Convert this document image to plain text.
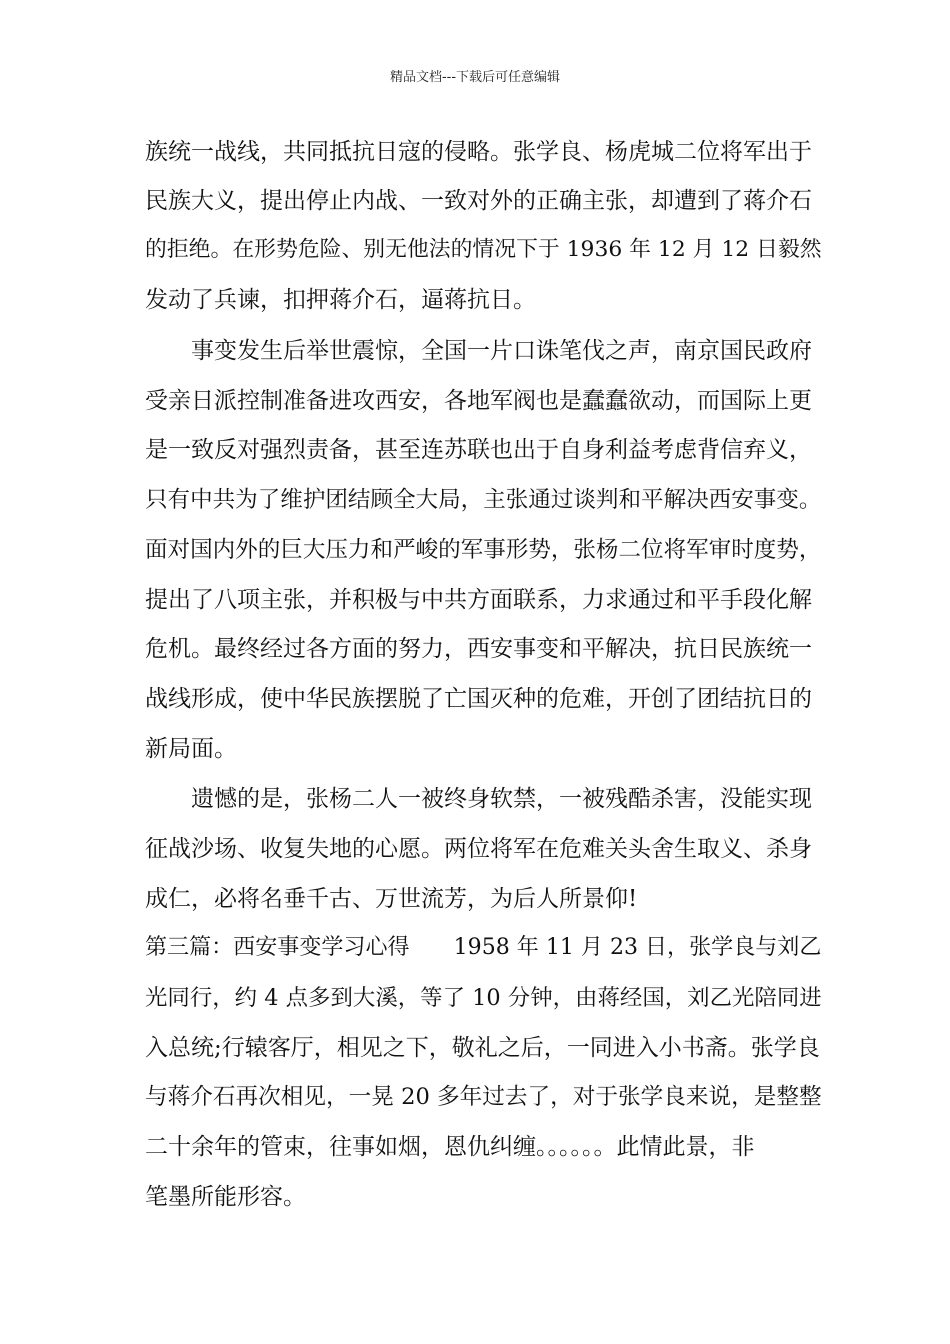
精品文档---下载后可任意编辑
族统一战线，共同抵抗日寇的侵略。张学良、杨虎城二位将军出于
民族大义，提出停止内战、一致对外的正确主张，却遭到了蒋介石
的拒绝。在形势危险、别无他法的情况下于 1936 年 12 月 12 日毅然
发动了兵谏，扣押蒋介石，逼蒋抗日。
事变发生后举世震惊，全国一片口诛笔伐之声，南京国民政府
受亲日派控制准备进攻西安，各地军阀也是蠢蠢欲动，而国际上更
是一致反对强烈责备，甚至连苏联也出于自身利益考虑背信弃义，
只有中共为了维护团结顾全大局，主张通过谈判和平解决西安事变。
面对国内外的巨大压力和严峻的军事形势，张杨二位将军审时度势，
提出了八项主张，并积极与中共方面联系，力求通过和平手段化解
危机。最终经过各方面的努力，西安事变和平解决，抗日民族统一
战线形成，使中华民族摆脱了亡国灭种的危难，开创了团结抗日的
新局面。
遗憾的是，张杨二人一被终身软禁，一被残酷杀害，没能实现
征战沙场、收复失地的心愿。两位将军在危难关头舍生取义、杀身
成仁，必将名垂千古、万世流芳，为后人所景仰!
第三篇：西安事变学习心得　　1958 年 11 月 23 日，张学良与刘乙
光同行，约 4 点多到大溪，等了 10 分钟，由蒋经国，刘乙光陪同进
入总统;行辕客厅，相见之下，敬礼之后，一同进入小书斋。张学良
与蒋介石再次相见，一晃 20 多年过去了，对于张学良来说，是整整
二十余年的管束，往事如烟，恩仇纠缠。。。。。。此情此景，非
笔墨所能形容。
